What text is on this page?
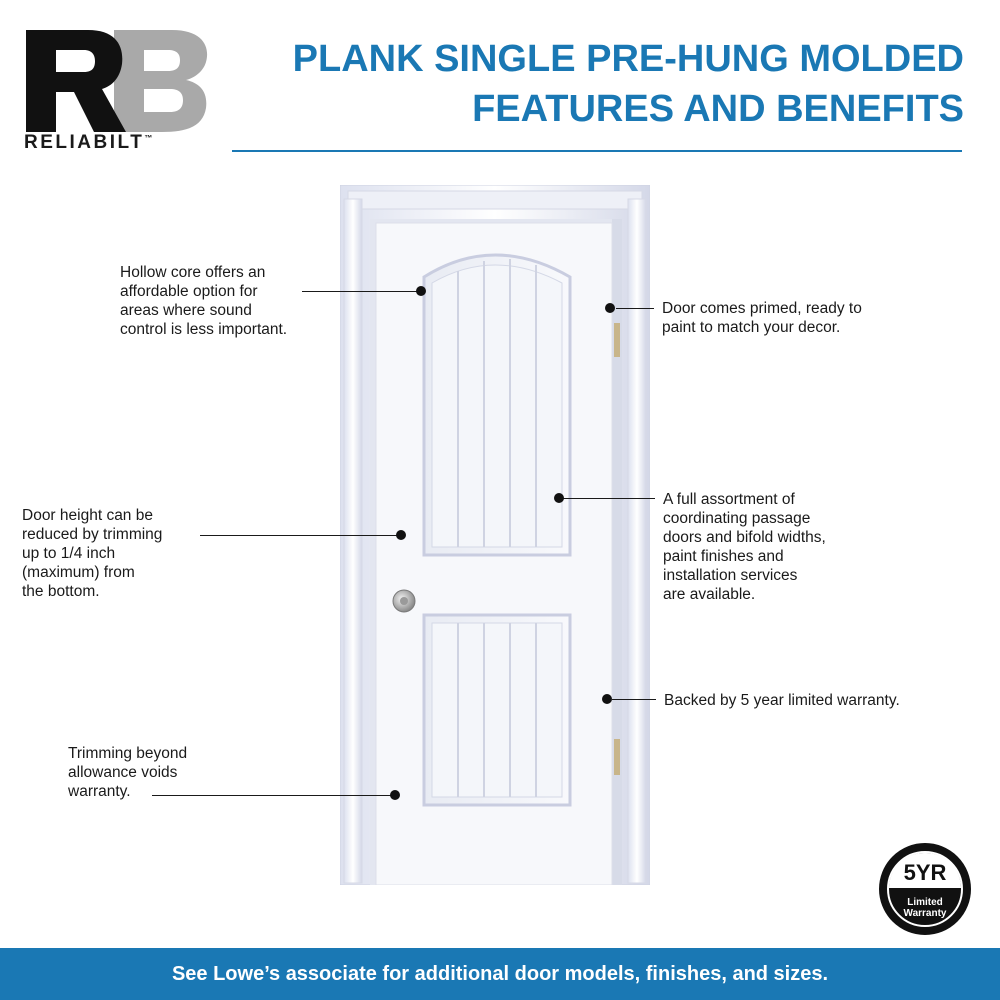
RELIABILT™
PLANK SINGLE PRE-HUNG MOLDED
FEATURES AND BENEFITS
Hollow core offers an
affordable option for
areas where sound
control is less important.
Door comes primed, ready to
paint to match your decor.
Door height can be
reduced by trimming
up to 1/4 inch
(maximum) from
the bottom.
A full assortment of
coordinating passage
doors and bifold widths,
paint finishes and
installation services
are available.
Backed by 5 year limited warranty.
Trimming beyond
allowance voids
warranty.
5YR
Limited
Warranty
See Lowe’s associate for additional door models, finishes, and sizes.
